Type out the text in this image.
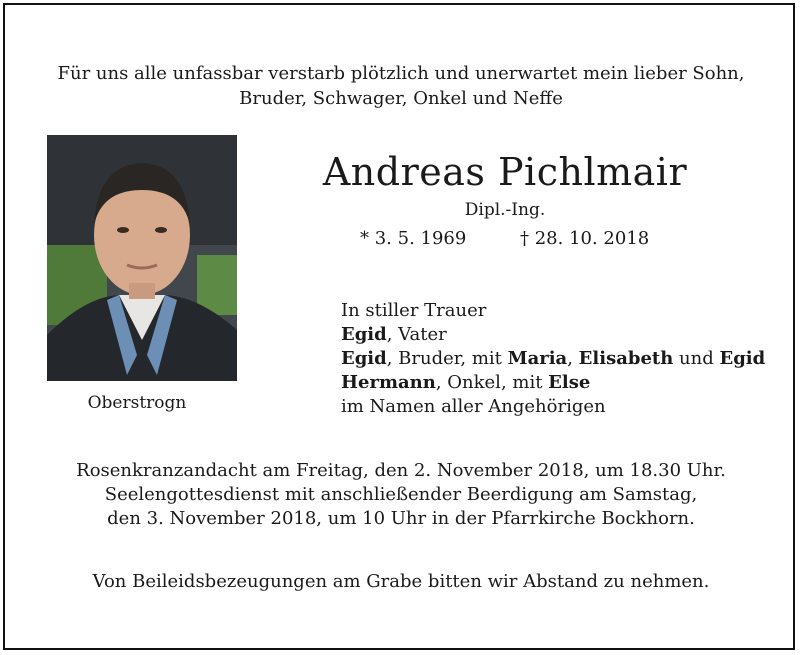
Für uns alle unfassbar verstarb plötzlich und unerwartet mein lieber Sohn,
Bruder, Schwager, Onkel und Neffe
Oberstrogn
Andreas Pichlmair
Dipl.-Ing.
* 3. 5. 1969	† 28. 10. 2018
In stiller Trauer
Egid, Vater
Egid, Bruder, mit Maria, Elisabeth und Egid
Hermann, Onkel, mit Else
im Namen aller Angehörigen
Rosenkranzandacht am Freitag, den 2. November 2018, um 18.30 Uhr.
Seelengottesdienst mit anschließender Beerdigung am Samstag,
den 3. November 2018, um 10 Uhr in der Pfarrkirche Bockhorn.
Von Beileidsbezeugungen am Grabe bitten wir Abstand zu nehmen.
